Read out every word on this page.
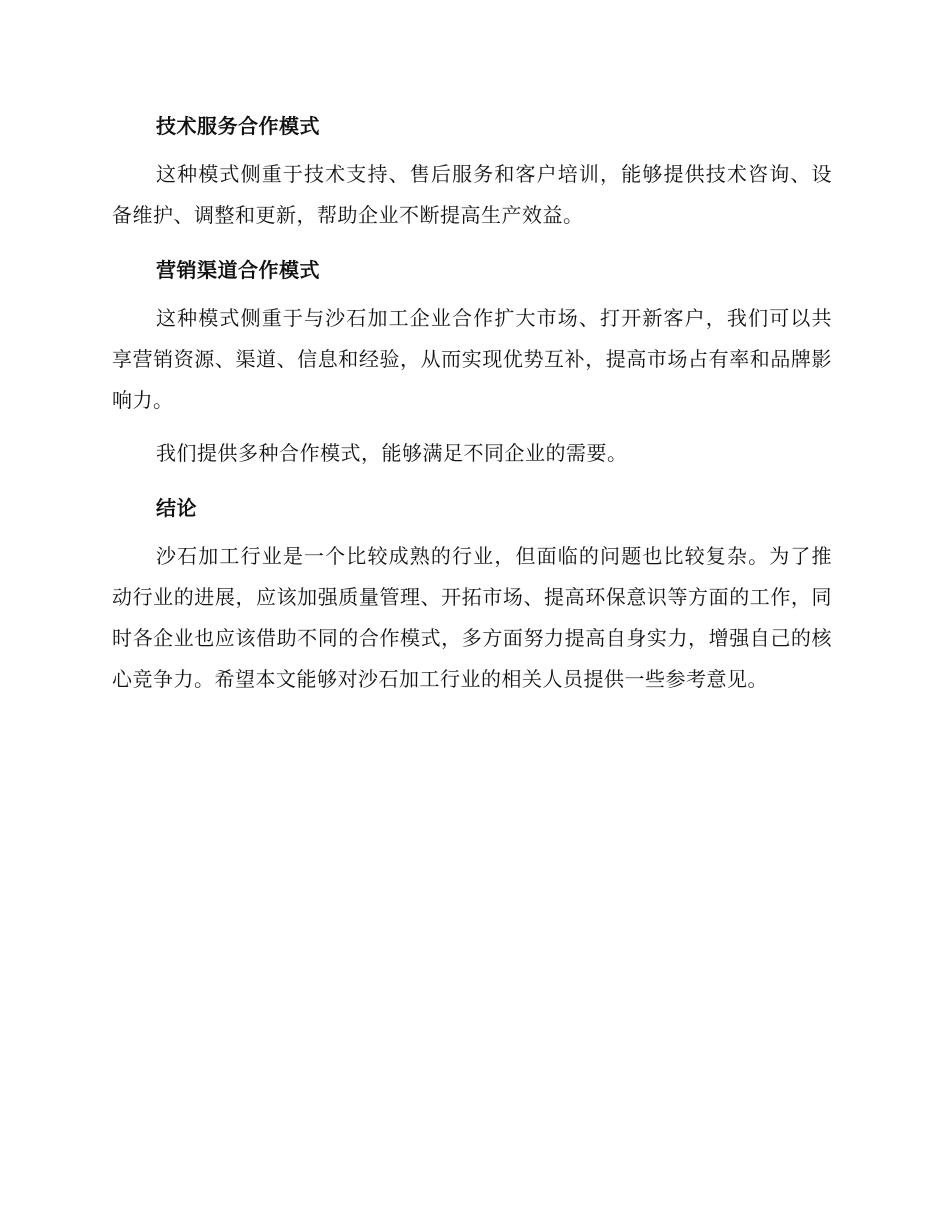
技术服务合作模式

这种模式侧重于技术支持、售后服务和客户培训，能够提供技术咨询、设备维护、调整和更新，帮助企业不断提高生产效益。

营销渠道合作模式

这种模式侧重于与沙石加工企业合作扩大市场、打开新客户，我们可以共享营销资源、渠道、信息和经验，从而实现优势互补，提高市场占有率和品牌影响力。

我们提供多种合作模式，能够满足不同企业的需要。

结论

沙石加工行业是一个比较成熟的行业，但面临的问题也比较复杂。为了推动行业的进展，应该加强质量管理、开拓市场、提高环保意识等方面的工作，同时各企业也应该借助不同的合作模式，多方面努力提高自身实力，增强自己的核心竞争力。希望本文能够对沙石加工行业的相关人员提供一些参考意见。
